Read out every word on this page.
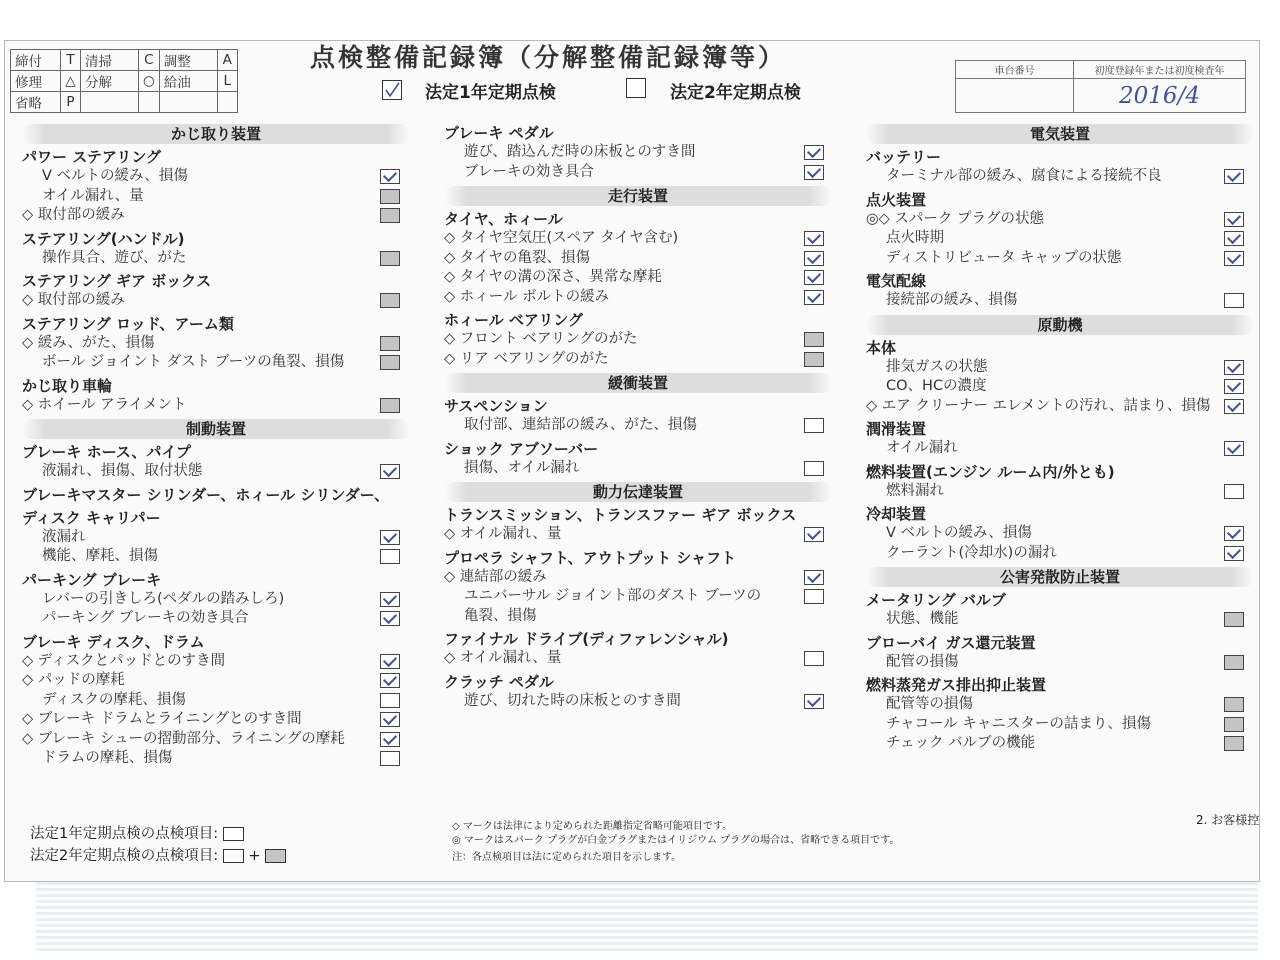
締付	T	清掃	C	調整	A
修理	△	分解	○	給油	L
省略	P				
点検整備記録簿（分解整備記録簿等）
法定1年定期点検	法定2年定期点検
車台番号	初度登録年または初度検査年
	2016/4
かじ取り装置
パワー ステアリング
V ベルトの緩み、損傷
オイル漏れ、量
◇ 取付部の緩み
ステアリング(ハンドル)
操作具合、遊び、がた
ステアリング ギア ボックス
◇ 取付部の緩み
ステアリング ロッド、アーム類
◇ 緩み、がた、損傷
ボール ジョイント ダスト ブーツの亀裂、損傷
かじ取り車輪
◇ ホイール アライメント
制動装置
ブレーキ ホース、パイプ
液漏れ、損傷、取付状態
ブレーキマスター シリンダー、ホィール シリンダー、
ディスク キャリパー
液漏れ
機能、摩耗、損傷
パーキング ブレーキ
レバーの引きしろ(ペダルの踏みしろ)
パーキング ブレーキの効き具合
ブレーキ ディスク、ドラム
◇ ディスクとパッドとのすき間
◇ パッドの摩耗
ディスクの摩耗、損傷
◇ ブレーキ ドラムとライニングとのすき間
◇ ブレーキ シューの摺動部分、ライニングの摩耗
ドラムの摩耗、損傷
ブレーキ ペダル
遊び、踏込んだ時の床板とのすき間
ブレーキの効き具合
走行装置
タイヤ、ホィール
◇ タイヤ空気圧(スペア タイヤ含む)
◇ タイヤの亀裂、損傷
◇ タイヤの溝の深さ、異常な摩耗
◇ ホィール ボルトの緩み
ホィール ベアリング
◇ フロント ベアリングのがた
◇ リア ベアリングのがた
緩衝装置
サスペンション
取付部、連結部の緩み、がた、損傷
ショック アブソーバー
損傷、オイル漏れ
動力伝達装置
トランスミッション、トランスファー ギア ボックス
◇ オイル漏れ、量
プロペラ シャフト、アウトプット シャフト
◇ 連結部の緩み
ユニバーサル ジョイント部のダスト ブーツの
亀裂、損傷
ファイナル ドライブ(ディファレンシャル)
◇ オイル漏れ、量
クラッチ ペダル
遊び、切れた時の床板とのすき間
電気装置
バッテリー
ターミナル部の緩み、腐食による接続不良
点火装置
◎◇ スパーク プラグの状態
点火時期
ディストリビュータ キャップの状態
電気配線
接続部の緩み、損傷
原動機
本体
排気ガスの状態
CO、HCの濃度
◇ エア クリーナー エレメントの汚れ、詰まり、損傷
潤滑装置
オイル漏れ
燃料装置(エンジン ルーム内/外とも)
燃料漏れ
冷却装置
V ベルトの緩み、損傷
クーラント(冷却水)の漏れ
公害発散防止装置
メータリング バルブ
状態、機能
ブローバイ ガス還元装置
配管の損傷
燃料蒸発ガス排出抑止装置
配管等の損傷
チャコール キャニスターの詰まり、損傷
チェック バルブの機能
法定1年定期点検の点検項目:
法定2年定期点検の点検項目: +
◇ マークは法律により定められた距離指定省略可能項目です。
◎ マークはスパーク プラグが白金プラグまたはイリジウム プラグの場合は、省略できる項目です。
注：各点検項目は法に定められた項目を示します。
2. お客様控
